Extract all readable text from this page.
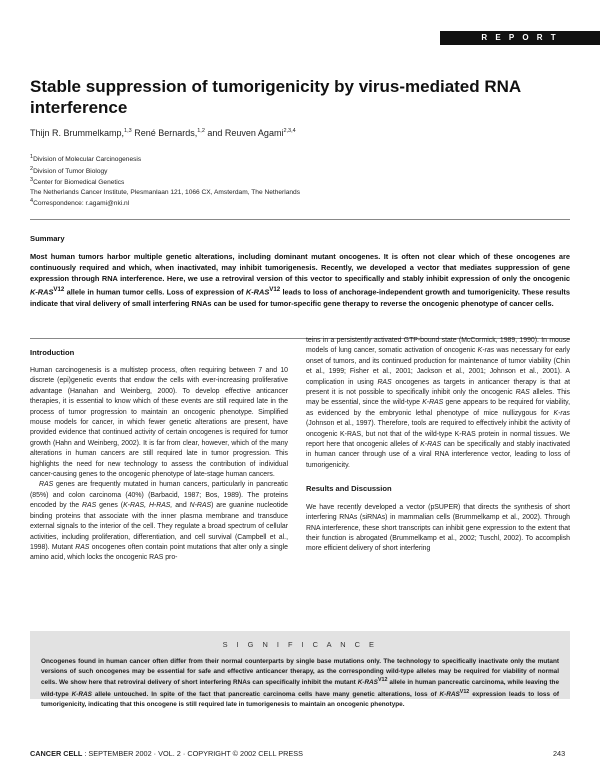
R E P O R T
Stable suppression of tumorigenicity by virus-mediated RNA interference
Thijn R. Brummelkamp,$^{1,3}$ René Bernards,$^{1,2}$ and Reuven Agami$^{2,3,4}$
$^1$Division of Molecular Carcinogenesis
$^2$Division of Tumor Biology
$^3$Center for Biomedical Genetics
The Netherlands Cancer Institute, Plesmanlaan 121, 1066 CX, Amsterdam, The Netherlands
$^4$Correspondence: r.agami@nki.nl
Summary

Most human tumors harbor multiple genetic alterations, including dominant mutant oncogenes. It is often not clear which of these oncogenes are continuously required and which, when inactivated, may inhibit tumorigenesis. Recently, we developed a vector that mediates suppression of gene expression through RNA interference. Here, we use a retroviral version of this vector to specifically and stably inhibit expression of only the oncogenic $K-RAS^{V12}$ allele in human tumor cells. Loss of expression of $K-RAS^{V12}$ leads to loss of anchorage-independent growth and tumorigenicity. These results indicate that viral delivery of small interfering RNAs can be used for tumor-specific gene therapy to reverse the oncogenic phenotype of cancer cells.

Introduction

Human carcinogenesis is a multistep process, often requiring between 7 and 10 discrete (epi)genetic events that endow the cells with ever-increasing proliferative advantage (Hanahan and Weinberg, 2000). To develop effective anticancer therapies, it is essential to know which of these events are still required late in the process of tumor progression to maintain an oncogenic phenotype. Simplified mouse models for cancer, in which fewer genetic alterations are present, have provided evidence that continued activity of certain oncogenes is required for tumor growth (Hahn and Weinberg, 2002). It is far from clear, however, which of the many alterations in human cancers are still required late in tumor progression. This highlights the need for new technology to assess the contribution of individual cancer-causing genes to the oncogenic phenotype of late-stage human cancers.

RAS genes are frequently mutated in human cancers, particularly in pancreatic (85%) and colon carcinoma (40%) (Barbacid, 1987; Bos, 1989). The proteins encoded by the RAS genes (K-RAS, H-RAS, and N-RAS) are guanine nucleotide binding proteins that associate with the inner plasma membrane and transduce external signals to the interior of the cell. They regulate a broad spectrum of cellular activities, including proliferation, differentiation, and cell survival (Campbell et al., 1998). Mutant RAS oncogenes often contain point mutations that alter only a single amino acid, which locks the oncogenic RAS pro-

teins in a persistently activated GTP-bound state (McCormick, 1989, 1990). In mouse models of lung cancer, somatic activation of oncogenic K-ras was necessary for early onset of tumors, and its continued production for maintenance of tumor viability (Chin et al., 1999; Fisher et al., 2001; Jackson et al., 2001; Johnson et al., 2001). A complication in using RAS oncogenes as targets in anticancer therapy is that at present it is not possible to specifically inhibit only the oncogenic RAS alleles. This may be essential, since the wild-type K-RAS gene appears to be required for viability, as evidenced by the embryonic lethal phenotype of mice nullizygous for K-ras (Johnson et al., 1997). Therefore, tools are required to effectively inhibit the activity of oncogenic K-RAS, but not that of the wild-type K-RAS protein in normal tissues. We report here that oncogenic alleles of K-RAS can be specifically and stably inactivated in human cancer through use of a viral RNA interference vector, leading to loss of tumorigenicity.

Results and Discussion

We have recently developed a vector (pSUPER) that directs the synthesis of short interfering RNAs (siRNAs) in mammalian cells (Brummelkamp et al., 2002). Through RNA interference, these short transcripts can inhibit gene expression to the extent that their function is abrogated (Brummelkamp et al., 2002; Tuschl, 2002). To accomplish more efficient delivery of short interfering

S I G N I F I C A N C E

Oncogenes found in human cancer often differ from their normal counterparts by single base mutations only. The technology to specifically inactivate only the mutant versions of such oncogenes may be essential for safe and effective anticancer therapy, as the corresponding wild-type alleles may be required for viability of normal cells. We show here that retroviral delivery of short interfering RNAs can specifically inhibit the mutant $K-RAS^{V12}$ allele in human pancreatic carcinoma, while leaving the wild-type K-RAS allele untouched. In spite of the fact that pancreatic carcinoma cells have many genetic alterations, loss of $K-RAS^{V12}$ expression leads to loss of tumorigenicity, indicating that this oncogene is still required late in tumorigenesis to maintain an oncogenic phenotype.

CANCER CELL : SEPTEMBER 2002 · VOL. 2 · COPYRIGHT © 2002 CELL PRESS	243
